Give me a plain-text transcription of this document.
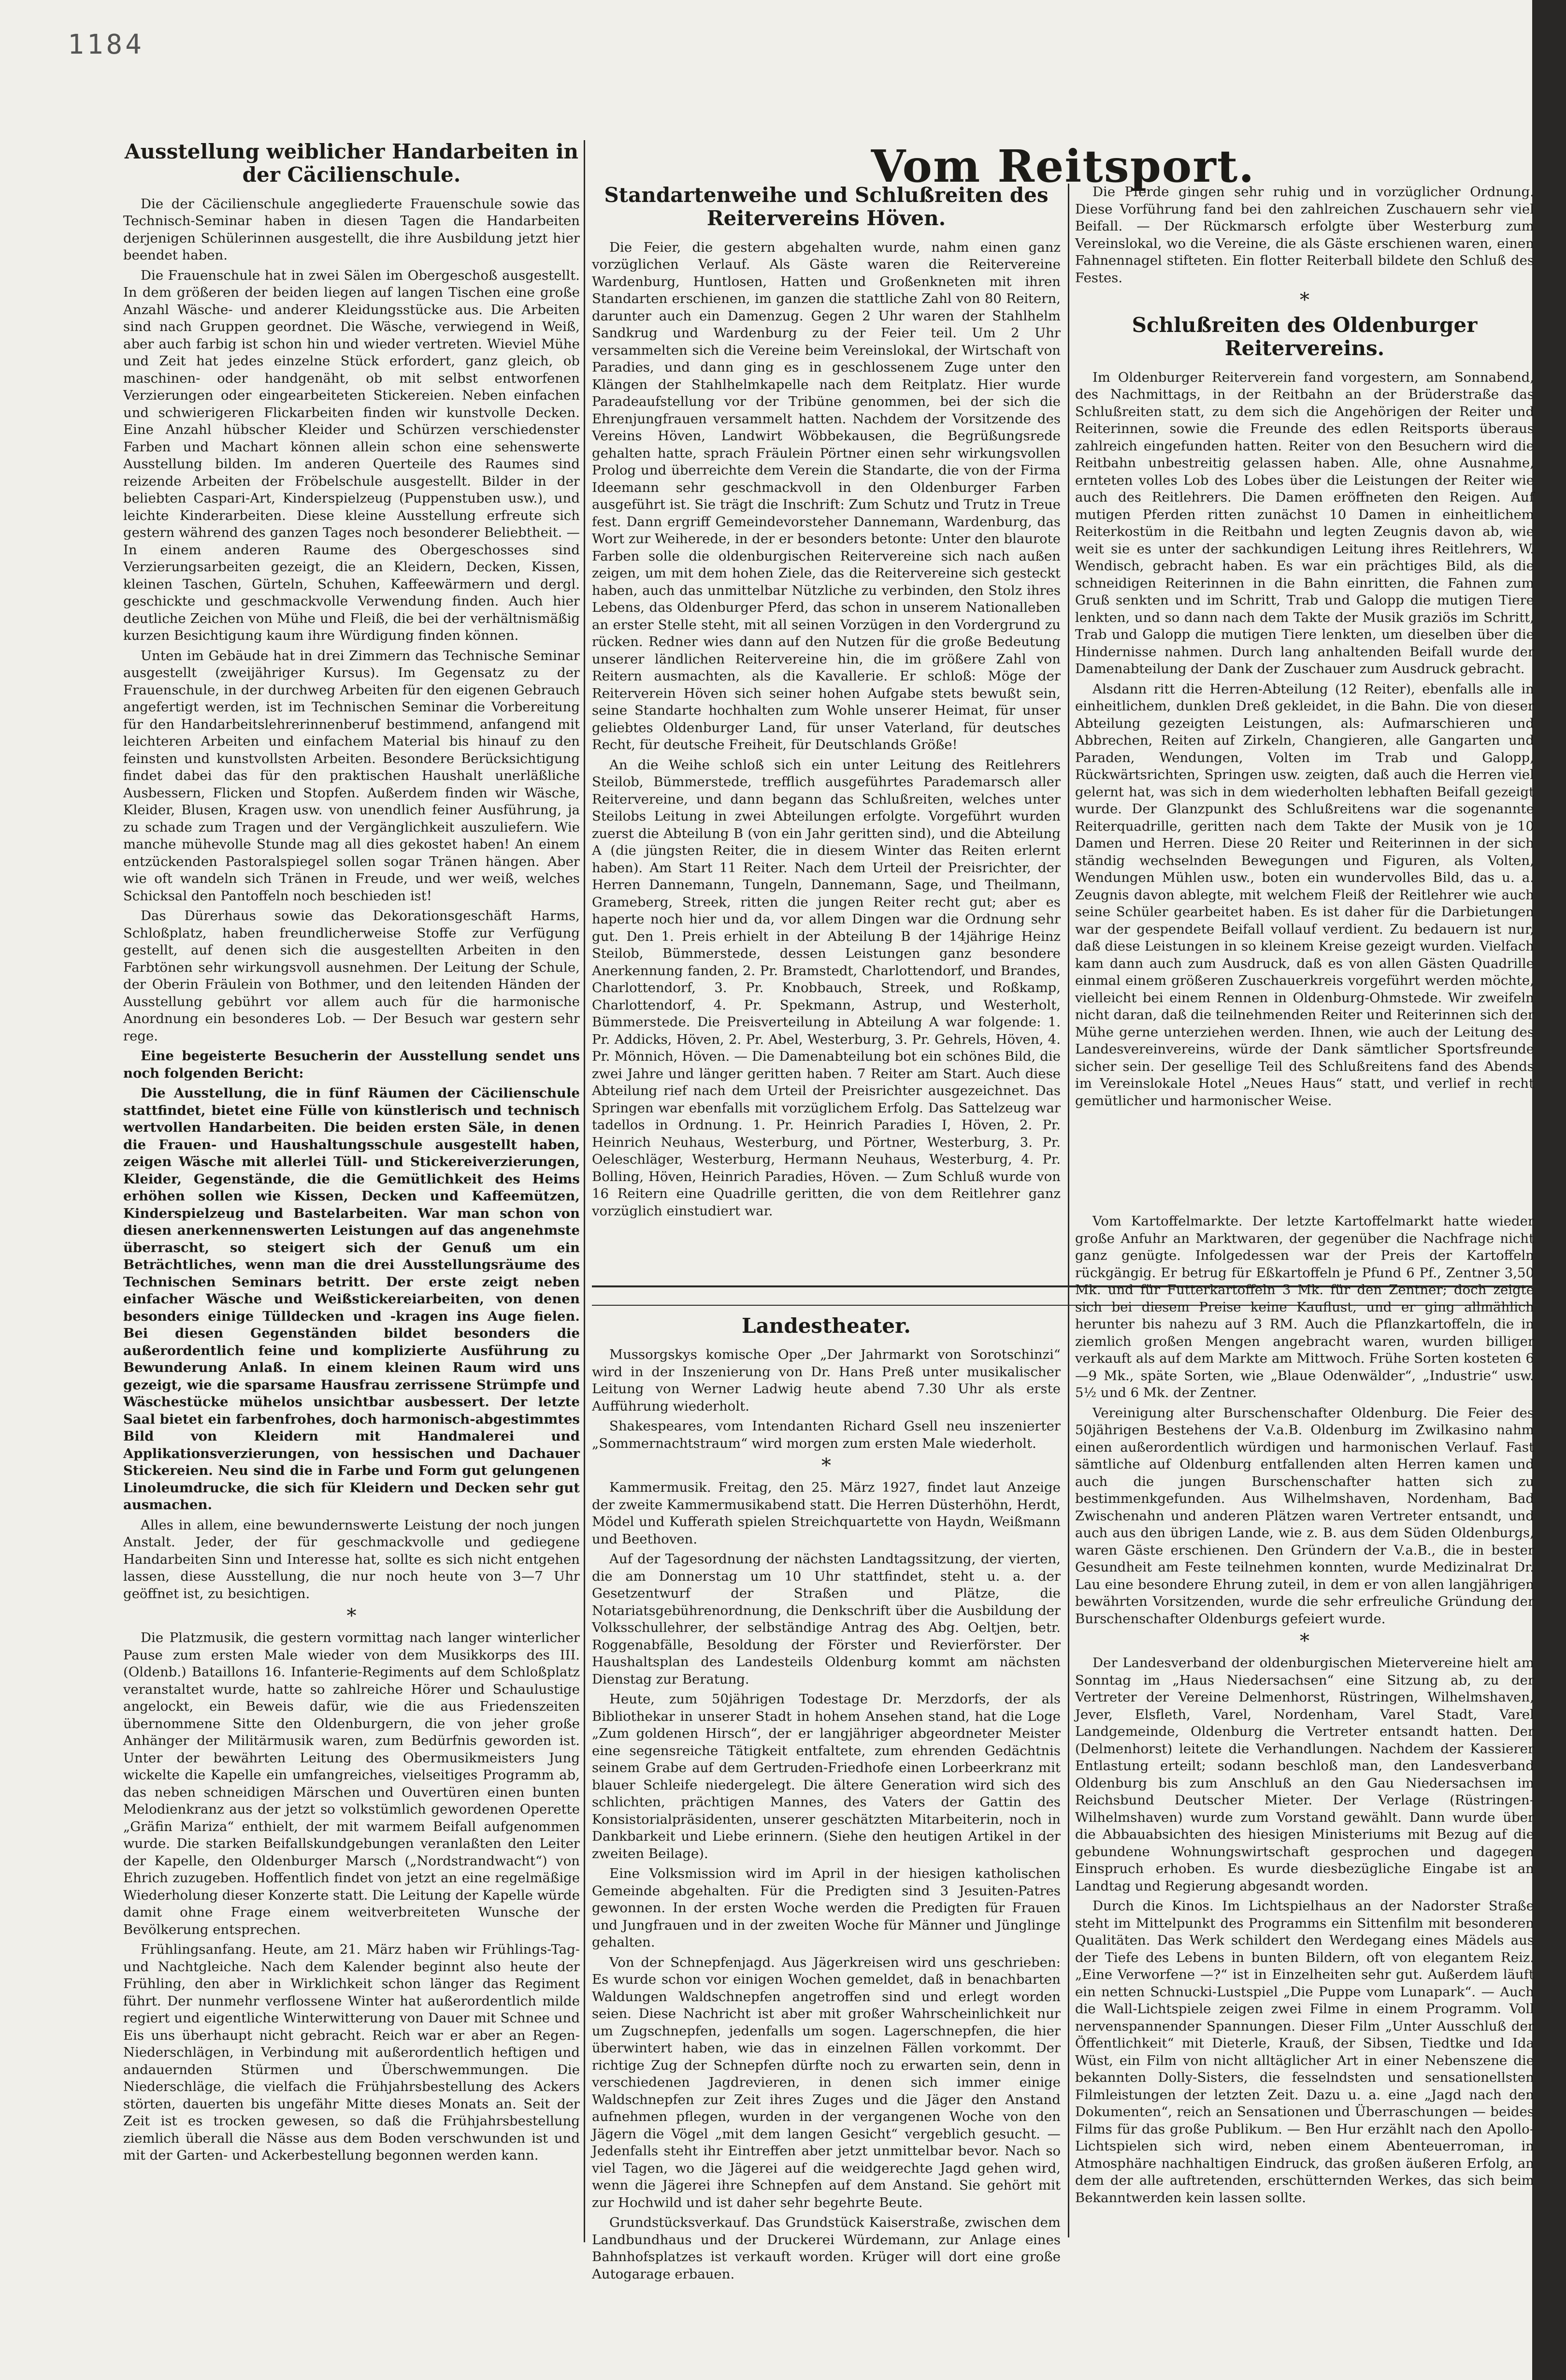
1184
Ausstellung weiblicher Handarbeiten in der Cäcilienschule.

Die der Cäcilienschule angegliederte Frauenschule sowie das Technisch-Seminar haben in diesen Tagen die Handarbeiten derjenigen Schülerinnen ausgestellt, die ihre Ausbildung jetzt hier beendet haben.

Die Frauenschule hat in zwei Sälen im Obergeschoß ausgestellt. In dem größeren der beiden liegen auf langen Tischen eine große Anzahl Wäsche- und anderer Kleidungsstücke aus. Die Arbeiten sind nach Gruppen geordnet. Die Wäsche, verwiegend in Weiß, aber auch farbig ist schon hin und wieder vertreten. Wieviel Mühe und Zeit hat jedes einzelne Stück erfordert, ganz gleich, ob maschinen- oder handgenäht, ob mit selbst entworfenen Verzierungen oder eingearbeiteten Stickereien. Neben einfachen und schwierigeren Flickarbeiten finden wir kunstvolle Decken. Eine Anzahl hübscher Kleider und Schürzen verschiedenster Farben und Machart können allein schon eine sehenswerte Ausstellung bilden. Im anderen Querteile des Raumes sind reizende Arbeiten der Fröbelschule ausgestellt. Bilder in der beliebten Caspari-Art, Kinderspielzeug (Puppenstuben usw.), und leichte Kinderarbeiten. Diese kleine Ausstellung erfreute sich gestern während des ganzen Tages noch besonderer Beliebtheit. — In einem anderen Raume des Obergeschosses sind Verzierungsarbeiten gezeigt, die an Kleidern, Decken, Kissen, kleinen Taschen, Gürteln, Schuhen, Kaffeewärmern und dergl. geschickte und geschmackvolle Verwendung finden. Auch hier deutliche Zeichen von Mühe und Fleiß, die bei der verhältnismäßig kurzen Besichtigung kaum ihre Würdigung finden können.

Unten im Gebäude hat in drei Zimmern das Technische Seminar ausgestellt (zweijähriger Kursus). Im Gegensatz zu der Frauenschule, in der durchweg Arbeiten für den eigenen Gebrauch angefertigt werden, ist im Technischen Seminar die Vorbereitung für den Handarbeitslehrerinnenberuf bestimmend, anfangend mit leichteren Arbeiten und einfachem Material bis hinauf zu den feinsten und kunstvollsten Arbeiten. Besondere Berücksichtigung findet dabei das für den praktischen Haushalt unerläßliche Ausbessern, Flicken und Stopfen. Außerdem finden wir Wäsche, Kleider, Blusen, Kragen usw. von unendlich feiner Ausführung, ja zu schade zum Tragen und der Vergänglichkeit auszuliefern. Wie manche mühevolle Stunde mag all dies gekostet haben! An einem entzückenden Pastoralspiegel sollen sogar Tränen hängen. Aber wie oft wandeln sich Tränen in Freude, und wer weiß, welches Schicksal den Pantoffeln noch beschieden ist!

Das Dürerhaus sowie das Dekorationsgeschäft Harms, Schloßplatz, haben freundlicherweise Stoffe zur Verfügung gestellt, auf denen sich die ausgestellten Arbeiten in den Farbtönen sehr wirkungsvoll ausnehmen. Der Leitung der Schule, der Oberin Fräulein von Bothmer, und den leitenden Händen der Ausstellung gebührt vor allem auch für die harmonische Anordnung ein besonderes Lob. — Der Besuch war gestern sehr rege.

Eine begeisterte Besucherin der Ausstellung sendet uns noch folgenden Bericht:

Die Ausstellung, die in fünf Räumen der Cäcilienschule stattfindet, bietet eine Fülle von künstlerisch und technisch wertvollen Handarbeiten. Die beiden ersten Säle, in denen die Frauen- und Haushaltungsschule ausgestellt haben, zeigen Wäsche mit allerlei Tüll- und Stickereiverzierungen, Kleider, Gegenstände, die die Gemütlichkeit des Heims erhöhen sollen wie Kissen, Decken und Kaffeemützen, Kinderspielzeug und Bastelarbeiten. War man schon von diesen anerkennenswerten Leistungen auf das angenehmste überrascht, so steigert sich der Genuß um ein Beträchtliches, wenn man die drei Ausstellungsräume des Technischen Seminars betritt. Der erste zeigt neben einfacher Wäsche und Weißstickereiarbeiten, von denen besonders einige Tülldecken und -kragen ins Auge fielen. Bei diesen Gegenständen bildet besonders die außerordentlich feine und komplizierte Ausführung zu Bewunderung Anlaß. In einem kleinen Raum wird uns gezeigt, wie die sparsame Hausfrau zerrissene Strümpfe und Wäschestücke mühelos unsichtbar ausbessert. Der letzte Saal bietet ein farbenfrohes, doch harmonisch-abgestimmtes Bild von Kleidern mit Handmalerei und Applikationsverzierungen, von hessischen und Dachauer Stickereien. Neu sind die in Farbe und Form gut gelungenen Linoleumdrucke, die sich für Kleidern und Decken sehr gut ausmachen.

Alles in allem, eine bewundernswerte Leistung der noch jungen Anstalt. Jeder, der für geschmackvolle und gediegene Handarbeiten Sinn und Interesse hat, sollte es sich nicht entgehen lassen, diese Ausstellung, die nur noch heute von 3—7 Uhr geöffnet ist, zu besichtigen.

*

Die Platzmusik, die gestern vormittag nach langer winterlicher Pause zum ersten Male wieder von dem Musikkorps des III. (Oldenb.) Bataillons 16. Infanterie-Regiments auf dem Schloßplatz veranstaltet wurde, hatte so zahlreiche Hörer und Schaulustige angelockt, ein Beweis dafür, wie die aus Friedenszeiten übernommene Sitte den Oldenburgern, die von jeher große Anhänger der Militärmusik waren, zum Bedürfnis geworden ist. Unter der bewährten Leitung des Obermusikmeisters Jung wickelte die Kapelle ein umfangreiches, vielseitiges Programm ab, das neben schneidigen Märschen und Ouvertüren einen bunten Melodienkranz aus der jetzt so volkstümlich gewordenen Operette „Gräfin Mariza“ enthielt, der mit warmem Beifall aufgenommen wurde. Die starken Beifallskundgebungen veranlaßten den Leiter der Kapelle, den Oldenburger Marsch („Nordstrandwacht“) von Ehrich zuzugeben. Hoffentlich findet von jetzt an eine regelmäßige Wiederholung dieser Konzerte statt. Die Leitung der Kapelle würde damit ohne Frage einem weitverbreiteten Wunsche der Bevölkerung entsprechen.

Frühlingsanfang. Heute, am 21. März haben wir Frühlings-Tag- und Nachtgleiche. Nach dem Kalender beginnt also heute der Frühling, den aber in Wirklichkeit schon länger das Regiment führt. Der nunmehr verflossene Winter hat außerordentlich milde regiert und eigentliche Winterwitterung von Dauer mit Schnee und Eis uns überhaupt nicht gebracht. Reich war er aber an Regen-Niederschlägen, in Verbindung mit außerordentlich heftigen und andauernden Stürmen und Überschwemmungen. Die Niederschläge, die vielfach die Frühjahrsbestellung des Ackers störten, dauerten bis ungefähr Mitte dieses Monats an. Seit der Zeit ist es trocken gewesen, so daß die Frühjahrsbestellung ziemlich überall die Nässe aus dem Boden verschwunden ist und mit der Garten- und Ackerbestellung begonnen werden kann.

Vom Reitsport.
Standartenweihe und Schlußreiten des Reitervereins Höven.

Die Feier, die gestern abgehalten wurde, nahm einen ganz vorzüglichen Verlauf. Als Gäste waren die Reitervereine Wardenburg, Huntlosen, Hatten und Großenkneten mit ihren Standarten erschienen, im ganzen die stattliche Zahl von 80 Reitern, darunter auch ein Damenzug. Gegen 2 Uhr waren der Stahlhelm Sandkrug und Wardenburg zu der Feier teil. Um 2 Uhr versammelten sich die Vereine beim Vereinslokal, der Wirtschaft von Paradies, und dann ging es in geschlossenem Zuge unter den Klängen der Stahlhelmkapelle nach dem Reitplatz. Hier wurde Paradeaufstellung vor der Tribüne genommen, bei der sich die Ehrenjungfrauen versammelt hatten. Nachdem der Vorsitzende des Vereins Höven, Landwirt Wöbbekausen, die Begrüßungsrede gehalten hatte, sprach Fräulein Pörtner einen sehr wirkungsvollen Prolog und überreichte dem Verein die Standarte, die von der Firma Ideemann sehr geschmackvoll in den Oldenburger Farben ausgeführt ist. Sie trägt die Inschrift: Zum Schutz und Trutz in Treue fest. Dann ergriff Gemeindevorsteher Dannemann, Wardenburg, das Wort zur Weiherede, in der er besonders betonte: Unter den blaurote Farben solle die oldenburgischen Reitervereine sich nach außen zeigen, um mit dem hohen Ziele, das die Reitervereine sich gesteckt haben, auch das unmittelbar Nützliche zu verbinden, den Stolz ihres Lebens, das Oldenburger Pferd, das schon in unserem Nationalleben an erster Stelle steht, mit all seinen Vorzügen in den Vordergrund zu rücken. Redner wies dann auf den Nutzen für die große Bedeutung unserer ländlichen Reitervereine hin, die im größere Zahl von Reitern ausmachten, als die Kavallerie. Er schloß: Möge der Reiterverein Höven sich seiner hohen Aufgabe stets bewußt sein, seine Standarte hochhalten zum Wohle unserer Heimat, für unser geliebtes Oldenburger Land, für unser Vaterland, für deutsches Recht, für deutsche Freiheit, für Deutschlands Größe!

An die Weihe schloß sich ein unter Leitung des Reitlehrers Steilob, Bümmerstede, trefflich ausgeführtes Parademarsch aller Reitervereine, und dann begann das Schlußreiten, welches unter Steilobs Leitung in zwei Abteilungen erfolgte. Vorgeführt wurden zuerst die Abteilung B (von ein Jahr geritten sind), und die Abteilung A (die jüngsten Reiter, die in diesem Winter das Reiten erlernt haben). Am Start 11 Reiter. Nach dem Urteil der Preisrichter, der Herren Dannemann, Tungeln, Dannemann, Sage, und Theilmann, Grameberg, Streek, ritten die jungen Reiter recht gut; aber es haperte noch hier und da, vor allem Dingen war die Ordnung sehr gut. Den 1. Preis erhielt in der Abteilung B der 14jährige Heinz Steilob, Bümmerstede, dessen Leistungen ganz besondere Anerkennung fanden, 2. Pr. Bramstedt, Charlottendorf, und Brandes, Charlottendorf, 3. Pr. Knobbauch, Streek, und Roßkamp, Charlottendorf, 4. Pr. Spekmann, Astrup, und Westerholt, Bümmerstede. Die Preisverteilung in Abteilung A war folgende: 1. Pr. Addicks, Höven, 2. Pr. Abel, Westerburg, 3. Pr. Gehrels, Höven, 4. Pr. Mönnich, Höven. — Die Damenabteilung bot ein schönes Bild, die zwei Jahre und länger geritten haben. 7 Reiter am Start. Auch diese Abteilung rief nach dem Urteil der Preisrichter ausgezeichnet. Das Springen war ebenfalls mit vorzüglichem Erfolg. Das Sattelzeug war tadellos in Ordnung. 1. Pr. Heinrich Paradies I, Höven, 2. Pr. Heinrich Neuhaus, Westerburg, und Pörtner, Westerburg, 3. Pr. Oeleschläger, Westerburg, Hermann Neuhaus, Westerburg, 4. Pr. Bolling, Höven, Heinrich Paradies, Höven. — Zum Schluß wurde von 16 Reitern eine Quadrille geritten, die von dem Reitlehrer ganz vorzüglich einstudiert war.

Die Pferde gingen sehr ruhig und in vorzüglicher Ordnung. Diese Vorführung fand bei den zahlreichen Zuschauern sehr viel Beifall. — Der Rückmarsch erfolgte über Westerburg zum Vereinslokal, wo die Vereine, die als Gäste erschienen waren, einen Fahnennagel stifteten. Ein flotter Reiterball bildete den Schluß des Festes.

*
Schlußreiten des Oldenburger Reitervereins.

Im Oldenburger Reiterverein fand vorgestern, am Sonnabend, des Nachmittags, in der Reitbahn an der Brüderstraße das Schlußreiten statt, zu dem sich die Angehörigen der Reiter und Reiterinnen, sowie die Freunde des edlen Reitsports überaus zahlreich eingefunden hatten. Reiter von den Besuchern wird die Reitbahn unbestreitig gelassen haben. Alle, ohne Ausnahme, ernteten volles Lob des Lobes über die Leistungen der Reiter wie auch des Reitlehrers. Die Damen eröffneten den Reigen. Auf mutigen Pferden ritten zunächst 10 Damen in einheitlichem Reiterkostüm in die Reitbahn und legten Zeugnis davon ab, wie weit sie es unter der sachkundigen Leitung ihres Reitlehrers, W. Wendisch, gebracht haben. Es war ein prächtiges Bild, als die schneidigen Reiterinnen in die Bahn einritten, die Fahnen zum Gruß senkten und im Schritt, Trab und Galopp die mutigen Tiere lenkten, und so dann nach dem Takte der Musik graziös im Schritt, Trab und Galopp die mutigen Tiere lenkten, um dieselben über die Hindernisse nahmen. Durch lang anhaltenden Beifall wurde der Damenabteilung der Dank der Zuschauer zum Ausdruck gebracht.

Alsdann ritt die Herren-Abteilung (12 Reiter), ebenfalls alle in einheitlichem, dunklen Dreß gekleidet, in die Bahn. Die von dieser Abteilung gezeigten Leistungen, als: Aufmarschieren und Abbrechen, Reiten auf Zirkeln, Changieren, alle Gangarten und Paraden, Wendungen, Volten im Trab und Galopp, Rückwärtsrichten, Springen usw. zeigten, daß auch die Herren viel gelernt hat, was sich in dem wiederholten lebhaften Beifall gezeigt wurde. Der Glanzpunkt des Schlußreitens war die sogenannte Reiterquadrille, geritten nach dem Takte der Musik von je 10 Damen und Herren. Diese 20 Reiter und Reiterinnen in der sich ständig wechselnden Bewegungen und Figuren, als Volten, Wendungen Mühlen usw., boten ein wundervolles Bild, das u. a. Zeugnis davon ablegte, mit welchem Fleiß der Reitlehrer wie auch seine Schüler gearbeitet haben. Es ist daher für die Darbietungen war der gespendete Beifall vollauf verdient. Zu bedauern ist nur, daß diese Leistungen in so kleinem Kreise gezeigt wurden. Vielfach kam dann auch zum Ausdruck, daß es von allen Gästen Quadrille einmal einem größeren Zuschauerkreis vorgeführt werden möchte, vielleicht bei einem Rennen in Oldenburg-Ohmstede. Wir zweifeln nicht daran, daß die teilnehmenden Reiter und Reiterinnen sich der Mühe gerne unterziehen werden. Ihnen, wie auch der Leitung des Landesvereinvereins, würde der Dank sämtlicher Sportsfreunde sicher sein. Der gesellige Teil des Schlußreitens fand des Abends im Vereinslokale Hotel „Neues Haus“ statt, und verlief in recht gemütlicher und harmonischer Weise.

Landestheater.

Mussorgskys komische Oper „Der Jahrmarkt von Sorotschinzi“ wird in der Inszenierung von Dr. Hans Preß unter musikalischer Leitung von Werner Ladwig heute abend 7.30 Uhr als erste Aufführung wiederholt.

Shakespeares, vom Intendanten Richard Gsell neu inszenierter „Sommernachtstraum“ wird morgen zum ersten Male wiederholt.

*

Kammermusik. Freitag, den 25. März 1927, findet laut Anzeige der zweite Kammermusikabend statt. Die Herren Düsterhöhn, Herdt, Mödel und Kufferath spielen Streichquartette von Haydn, Weißmann und Beethoven.

Auf der Tagesordnung der nächsten Landtagssitzung, der vierten, die am Donnerstag um 10 Uhr stattfindet, steht u. a. der Gesetzentwurf der Straßen und Plätze, die Notariatsgebührenordnung, die Denkschrift über die Ausbildung der Volksschullehrer, der selbständige Antrag des Abg. Oeltjen, betr. Roggenabfälle, Besoldung der Förster und Revierförster. Der Haushaltsplan des Landesteils Oldenburg kommt am nächsten Dienstag zur Beratung.

Heute, zum 50jährigen Todestage Dr. Merzdorfs, der als Bibliothekar in unserer Stadt in hohem Ansehen stand, hat die Loge „Zum goldenen Hirsch“, der er langjähriger abgeordneter Meister eine segensreiche Tätigkeit entfaltete, zum ehrenden Gedächtnis seinem Grabe auf dem Gertruden-Friedhofe einen Lorbeerkranz mit blauer Schleife niedergelegt. Die ältere Generation wird sich des schlichten, prächtigen Mannes, des Vaters der Gattin des Konsistorialpräsidenten, unserer geschätzten Mitarbeiterin, noch in Dankbarkeit und Liebe erinnern. (Siehe den heutigen Artikel in der zweiten Beilage).

Eine Volksmission wird im April in der hiesigen katholischen Gemeinde abgehalten. Für die Predigten sind 3 Jesuiten-Patres gewonnen. In der ersten Woche werden die Predigten für Frauen und Jungfrauen und in der zweiten Woche für Männer und Jünglinge gehalten.

Von der Schnepfenjagd. Aus Jägerkreisen wird uns geschrieben: Es wurde schon vor einigen Wochen gemeldet, daß in benachbarten Waldungen Waldschnepfen angetroffen sind und erlegt worden seien. Diese Nachricht ist aber mit großer Wahrscheinlichkeit nur um Zugschnepfen, jedenfalls um sogen. Lagerschnepfen, die hier überwintert haben, wie das in einzelnen Fällen vorkommt. Der richtige Zug der Schnepfen dürfte noch zu erwarten sein, denn in verschiedenen Jagdrevieren, in denen sich immer einige Waldschnepfen zur Zeit ihres Zuges und die Jäger den Anstand aufnehmen pflegen, wurden in der vergangenen Woche von den Jägern die Vögel „mit dem langen Gesicht“ vergeblich gesucht. — Jedenfalls steht ihr Eintreffen aber jetzt unmittelbar bevor. Nach so viel Tagen, wo die Jägerei auf die weidgerechte Jagd gehen wird, wenn die Jägerei ihre Schnepfen auf dem Anstand. Sie gehört mit zur Hochwild und ist daher sehr begehrte Beute.

Grundstücksverkauf. Das Grundstück Kaiserstraße, zwischen dem Landbundhaus und der Druckerei Würdemann, zur Anlage eines Bahnhofsplatzes ist verkauft worden. Krüger will dort eine große Autogarage erbauen.

Vom Kartoffelmarkte. Der letzte Kartoffelmarkt hatte wieder große Anfuhr an Marktwaren, der gegenüber die Nachfrage nicht ganz genügte. Infolgedessen war der Preis der Kartoffeln rückgängig. Er betrug für Eßkartoffeln je Pfund 6 Pf., Zentner 3,50 Mk. und für Futterkartoffeln 3 Mk. für den Zentner; doch zeigte sich bei diesem Preise keine Kauflust, und er ging allmählich herunter bis nahezu auf 3 RM. Auch die Pflanzkartoffeln, die in ziemlich großen Mengen angebracht waren, wurden billiger verkauft als auf dem Markte am Mittwoch. Frühe Sorten kosteten 6—9 Mk., späte Sorten, wie „Blaue Odenwälder“, „Industrie“ usw. 5½ und 6 Mk. der Zentner.

Vereinigung alter Burschenschafter Oldenburg. Die Feier des 50jährigen Bestehens der V.a.B. Oldenburg im Zwilkasino nahm einen außerordentlich würdigen und harmonischen Verlauf. Fast sämtliche auf Oldenburg entfallenden alten Herren kamen und auch die jungen Burschenschafter hatten sich zu bestimmenkgefunden. Aus Wilhelmshaven, Nordenham, Bad Zwischenahn und anderen Plätzen waren Vertreter entsandt, und auch aus den übrigen Lande, wie z. B. aus dem Süden Oldenburgs, waren Gäste erschienen. Den Gründern der V.a.B., die in bester Gesundheit am Feste teilnehmen konnten, wurde Medizinalrat Dr. Lau eine besondere Ehrung zuteil, in dem er von allen langjährigen bewährten Vorsitzenden, wurde die sehr erfreuliche Gründung der Burschenschafter Oldenburgs gefeiert wurde.

*

Der Landesverband der oldenburgischen Mietervereine hielt am Sonntag im „Haus Niedersachsen“ eine Sitzung ab, zu der Vertreter der Vereine Delmenhorst, Rüstringen, Wilhelmshaven, Jever, Elsfleth, Varel, Nordenham, Varel Stadt, Varel Landgemeinde, Oldenburg die Vertreter entsandt hatten. Der (Delmenhorst) leitete die Verhandlungen. Nachdem der Kassierer Entlastung erteilt; sodann beschloß man, den Landesverband Oldenburg bis zum Anschluß an den Gau Niedersachsen im Reichsbund Deutscher Mieter. Der Verlage (Rüstringen-Wilhelmshaven) wurde zum Vorstand gewählt. Dann wurde über die Abbauabsichten des hiesigen Ministeriums mit Bezug auf die gebundene Wohnungswirtschaft gesprochen und dagegen Einspruch erhoben. Es wurde diesbezügliche Eingabe ist an Landtag und Regierung abgesandt worden.

Durch die Kinos. Im Lichtspielhaus an der Nadorster Straße steht im Mittelpunkt des Programms ein Sittenfilm mit besonderen Qualitäten. Das Werk schildert den Werdegang eines Mädels aus der Tiefe des Lebens in bunten Bildern, oft von elegantem Reiz. „Eine Verworfene —?“ ist in Einzelheiten sehr gut. Außerdem läuft ein netten Schnucki-Lustspiel „Die Puppe vom Lunapark“. — Auch die Wall-Lichtspiele zeigen zwei Filme in einem Programm. Voll nervenspannender Spannungen. Dieser Film „Unter Ausschluß der Öffentlichkeit“ mit Dieterle, Krauß, der Sibsen, Tiedtke und Ida Wüst, ein Film von nicht alltäglicher Art in einer Nebenszene die bekannten Dolly-Sisters, die fesselndsten und sensationellsten Filmleistungen der letzten Zeit. Dazu u. a. eine „Jagd nach den Dokumenten“, reich an Sensationen und Überraschungen — beides Films für das große Publikum. — Ben Hur erzählt nach den Apollo-Lichtspielen sich wird, neben einem Abenteuerroman, in Atmosphäre nachhaltigen Eindruck, das großen äußeren Erfolg, an dem der alle auftretenden, erschütternden Werkes, das sich beim Bekanntwerden kein lassen sollte.
